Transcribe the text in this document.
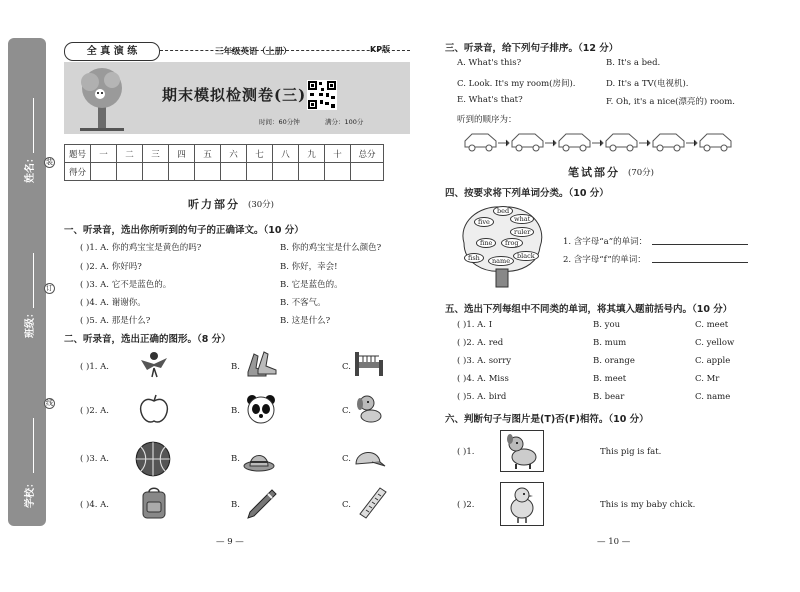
姓名：
班级：
学校：
装
订
线
全 真 演 练	三年级英语（上册）	KP版
期末模拟检测卷(三)
时间：60分钟	满分：100分
题号	一	二	三	四	五	六	七	八	九	十	总分
得分											
听力部分 (30分)
一、听录音，选出你所听到的句子的正确译文。（10 分）
( )1. A. 你的鸡宝宝是黄色的吗?	B. 你的鸡宝宝是什么颜色?
( )2. A. 你好吗?	B. 你好，幸会!
( )3. A. 它不是蓝色的。	B. 它是蓝色的。
( )4. A. 谢谢你。	B. 不客气。
( )5. A. 那是什么?	B. 这是什么?
二、听录音，选出正确的图形。（8 分）
( )1. A.	B.	C.
( )2. A.	B.	C.
( )3. A.	B.	C.
( )4. A.	B.	C.
— 9 —
三、听录音，给下列句子排序。（12 分）
A. What's this?	B. It's a bed.
C. Look. It's my room(房间).	D. It's a TV(电视机).
E. What's that?	F. Oh, it's a nice(漂亮的) room.
听到的顺序为：
笔试部分 (70分)
四、按要求将下列单词分类。（10 分）
bed
what
five
ruler
fine	frog
fish	name
black
1. 含字母“a”的单词：
2. 含字母“f”的单词：
五、选出下列每组中不同类的单词，将其填入题前括号内。（10 分）
( )1. A. I	B. you	C. meet
( )2. A. red	B. mum	C. yellow
( )3. A. sorry	B. orange	C. apple
( )4. A. Miss	B. meet	C. Mr
( )5. A. bird	B. bear	C. name
六、判断句子与图片是(T)否(F)相符。（10 分）
( )1.	This pig is fat.
( )2.	This is my baby chick.
— 10 —
